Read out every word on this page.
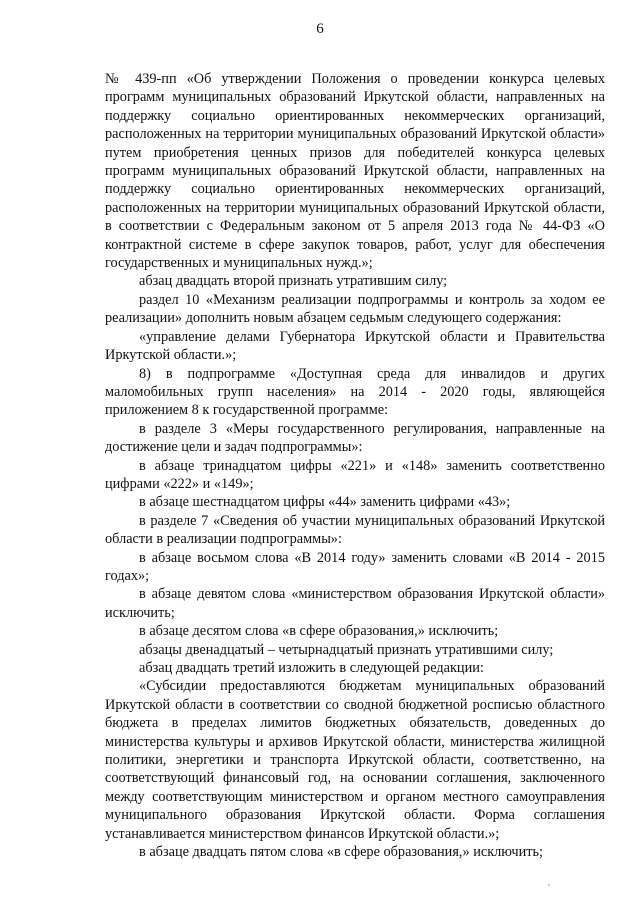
6

№ 439-пп «Об утверждении Положения о проведении конкурса целевых программ муниципальных образований Иркутской области, направленных на поддержку социально ориентированных некоммерческих организаций, расположенных на территории муниципальных образований Иркутской области» путем приобретения ценных призов для победителей конкурса целевых программ муниципальных образований Иркутской области, направленных на поддержку социально ориентированных некоммерческих организаций, расположенных на территории муниципальных образований Иркутской области, в соответствии с Федеральным законом от 5 апреля 2013 года № 44-ФЗ «О контрактной системе в сфере закупок товаров, работ, услуг для обеспечения государственных и муниципальных нужд.»;

абзац двадцать второй признать утратившим силу;

раздел 10 «Механизм реализации подпрограммы и контроль за ходом ее реализации» дополнить новым абзацем седьмым следующего содержания:

«управление делами Губернатора Иркутской области и Правительства Иркутской области.»;

8) в подпрограмме «Доступная среда для инвалидов и других маломобильных групп населения» на 2014 - 2020 годы, являющейся приложением 8 к государственной программе:

в разделе 3 «Меры государственного регулирования, направленные на достижение цели и задач подпрограммы»:

в абзаце тринадцатом цифры «221» и «148» заменить соответственно цифрами «222» и «149»;

в абзаце шестнадцатом цифры «44» заменить цифрами «43»;

в разделе 7 «Сведения об участии муниципальных образований Иркутской области в реализации подпрограммы»:

в абзаце восьмом слова «В 2014 году» заменить словами «В 2014 - 2015 годах»;

в абзаце девятом слова «министерством образования Иркутской области» исключить;

в абзаце десятом слова «в сфере образования,» исключить;

абзацы двенадцатый – четырнадцатый признать утратившими силу;

абзац двадцать третий изложить в следующей редакции:

«Субсидии предоставляются бюджетам муниципальных образований Иркутской области в соответствии со сводной бюджетной росписью областного бюджета в пределах лимитов бюджетных обязательств, доведенных до министерства культуры и архивов Иркутской области, министерства жилищной политики, энергетики и транспорта Иркутской области, соответственно, на соответствующий финансовый год, на основании соглашения, заключенного между соответствующим министерством и органом местного самоуправления муниципального образования Иркутской области. Форма соглашения устанавливается министерством финансов Иркутской области.»;

в абзаце двадцать пятом слова «в сфере образования,» исключить;
